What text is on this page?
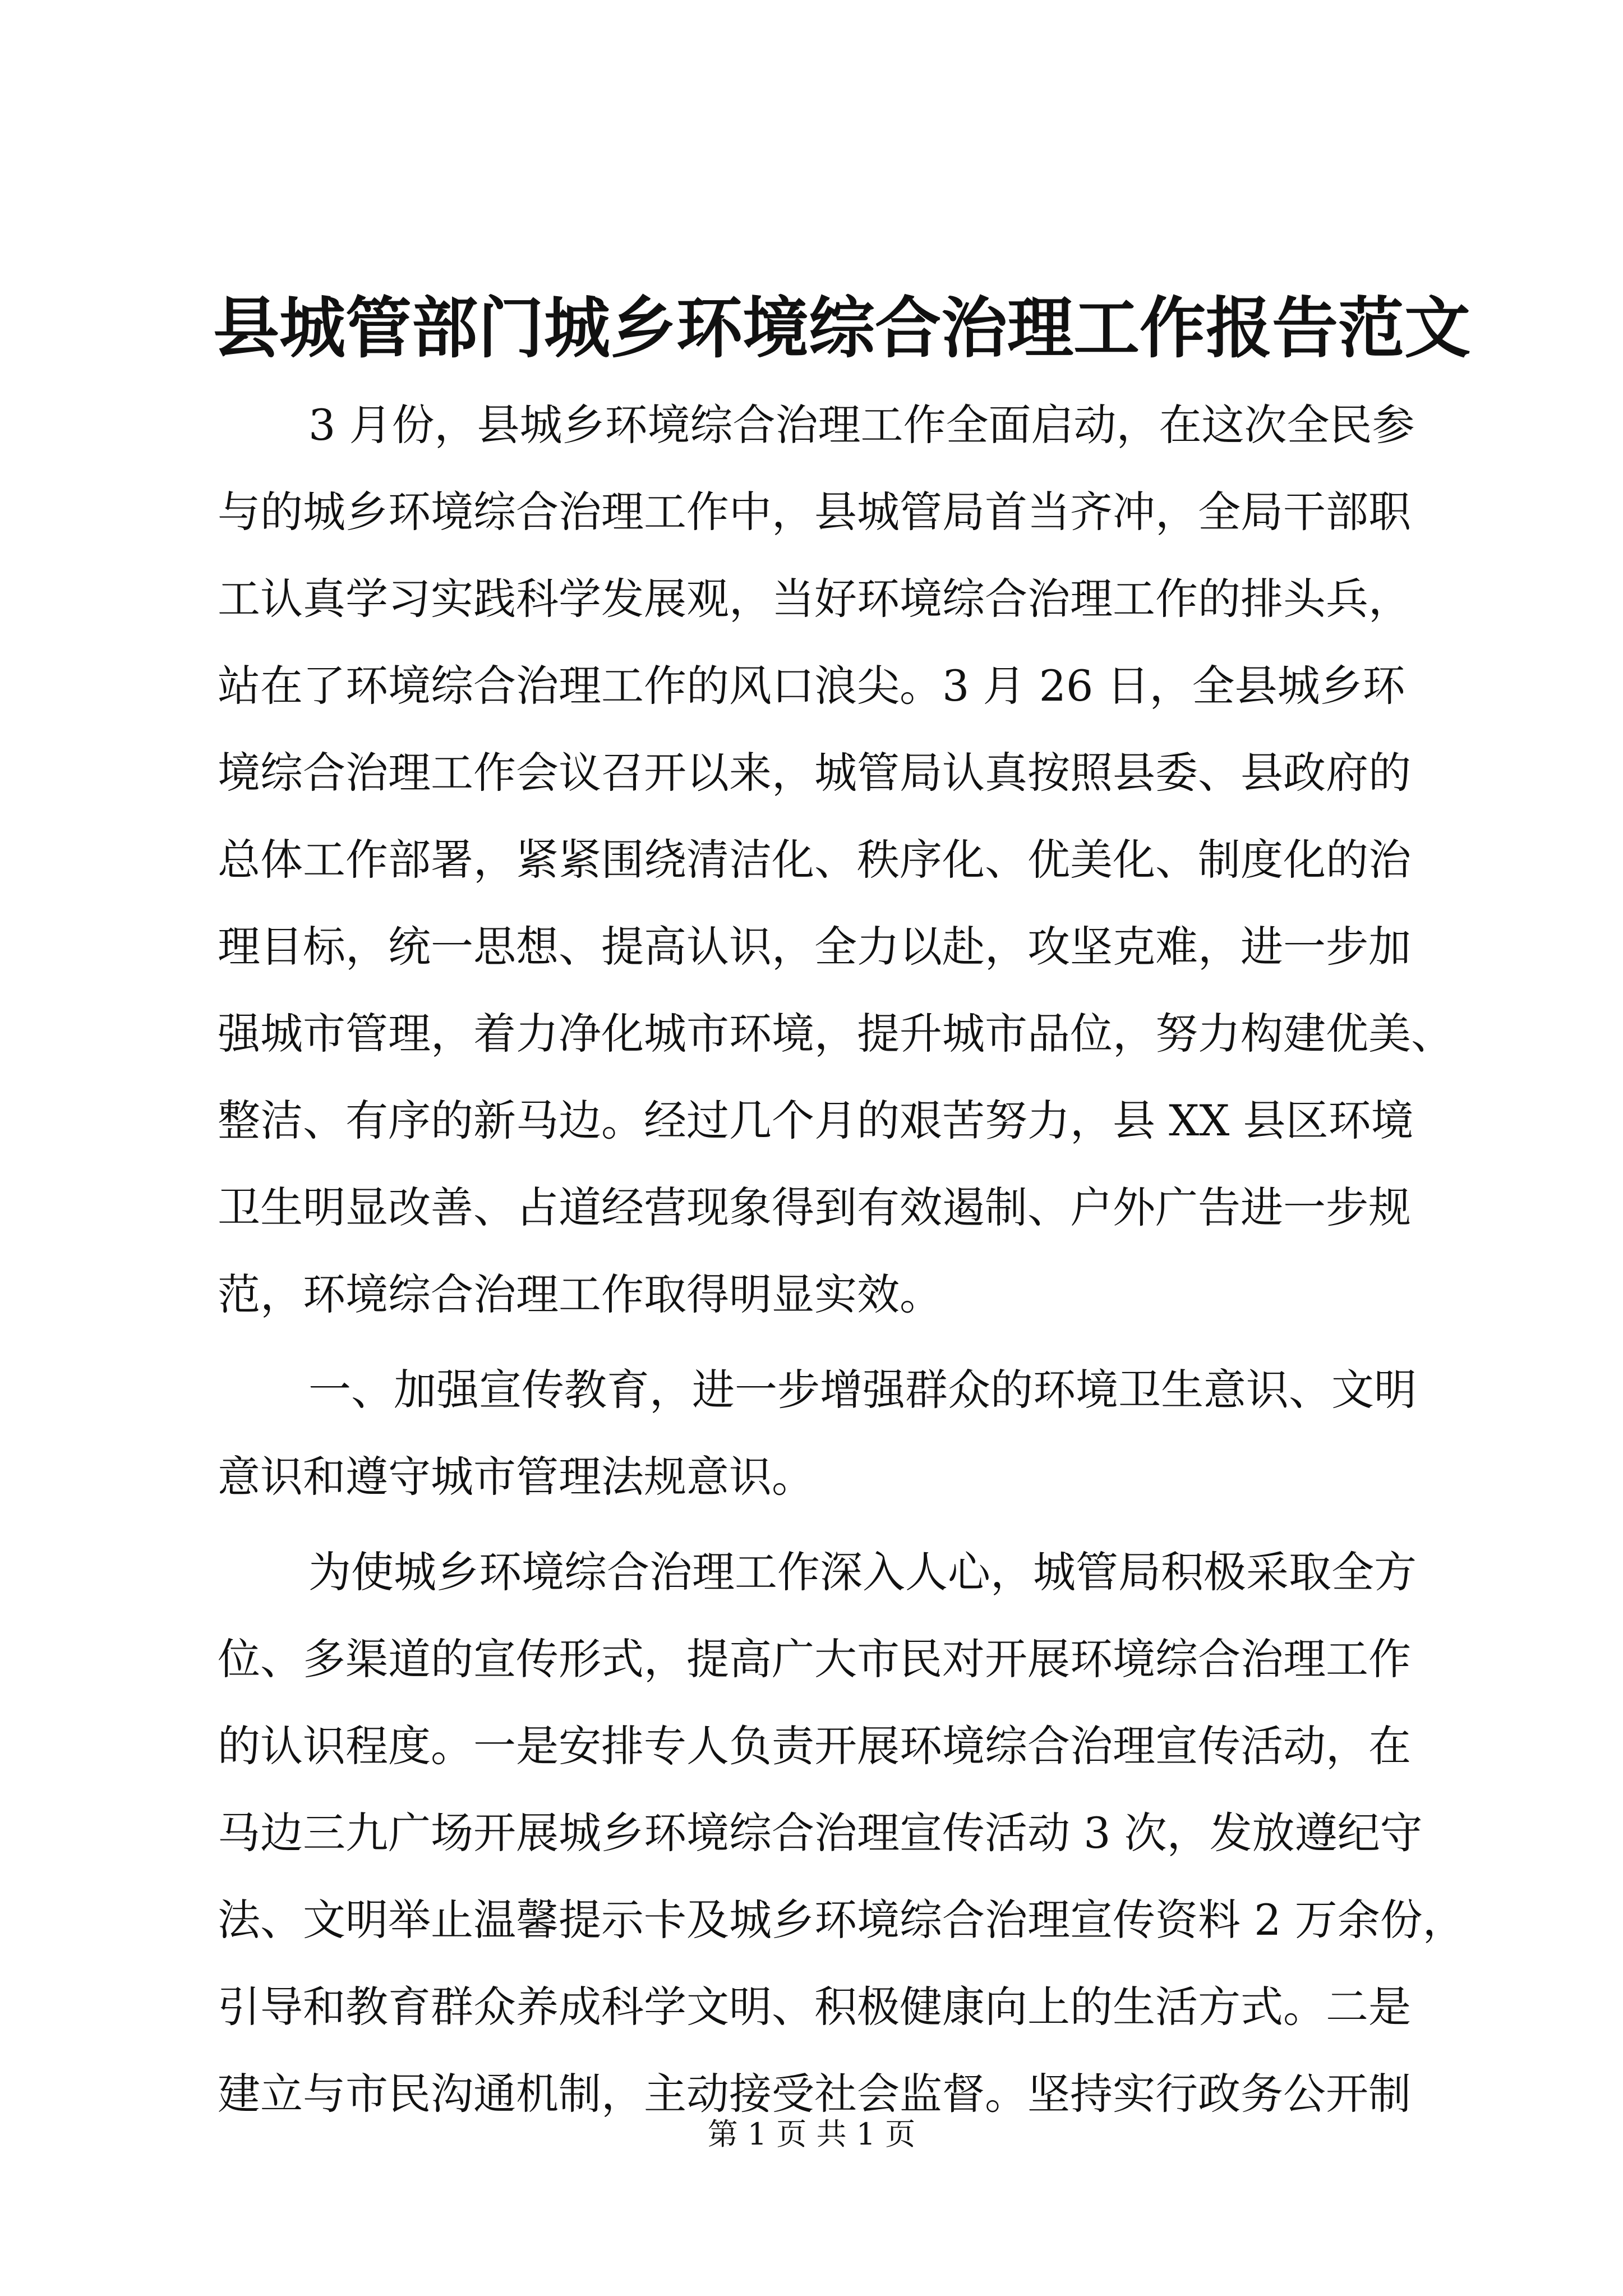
县城管部门城乡环境综合治理工作报告范文
3 月份，县城乡环境综合治理工作全面启动，在这次全民参
与的城乡环境综合治理工作中，县城管局首当齐冲，全局干部职
工认真学习实践科学发展观，当好环境综合治理工作的排头兵，
站在了环境综合治理工作的风口浪尖。3 月 26 日，全县城乡环
境综合治理工作会议召开以来，城管局认真按照县委、县政府的
总体工作部署，紧紧围绕清洁化、秩序化、优美化、制度化的治
理目标，统一思想、提高认识，全力以赴，攻坚克难，进一步加
强城市管理，着力净化城市环境，提升城市品位，努力构建优美、
整洁、有序的新马边。经过几个月的艰苦努力，县 XX 县区环境
卫生明显改善、占道经营现象得到有效遏制、户外广告进一步规
范，环境综合治理工作取得明显实效。
一、加强宣传教育，进一步增强群众的环境卫生意识、文明
意识和遵守城市管理法规意识。
为使城乡环境综合治理工作深入人心，城管局积极采取全方
位、多渠道的宣传形式，提高广大市民对开展环境综合治理工作
的认识程度。一是安排专人负责开展环境综合治理宣传活动，在
马边三九广场开展城乡环境综合治理宣传活动 3 次，发放遵纪守
法、文明举止温馨提示卡及城乡环境综合治理宣传资料 2 万余份，
引导和教育群众养成科学文明、积极健康向上的生活方式。二是
建立与市民沟通机制，主动接受社会监督。坚持实行政务公开制
第 1 页 共 1 页
